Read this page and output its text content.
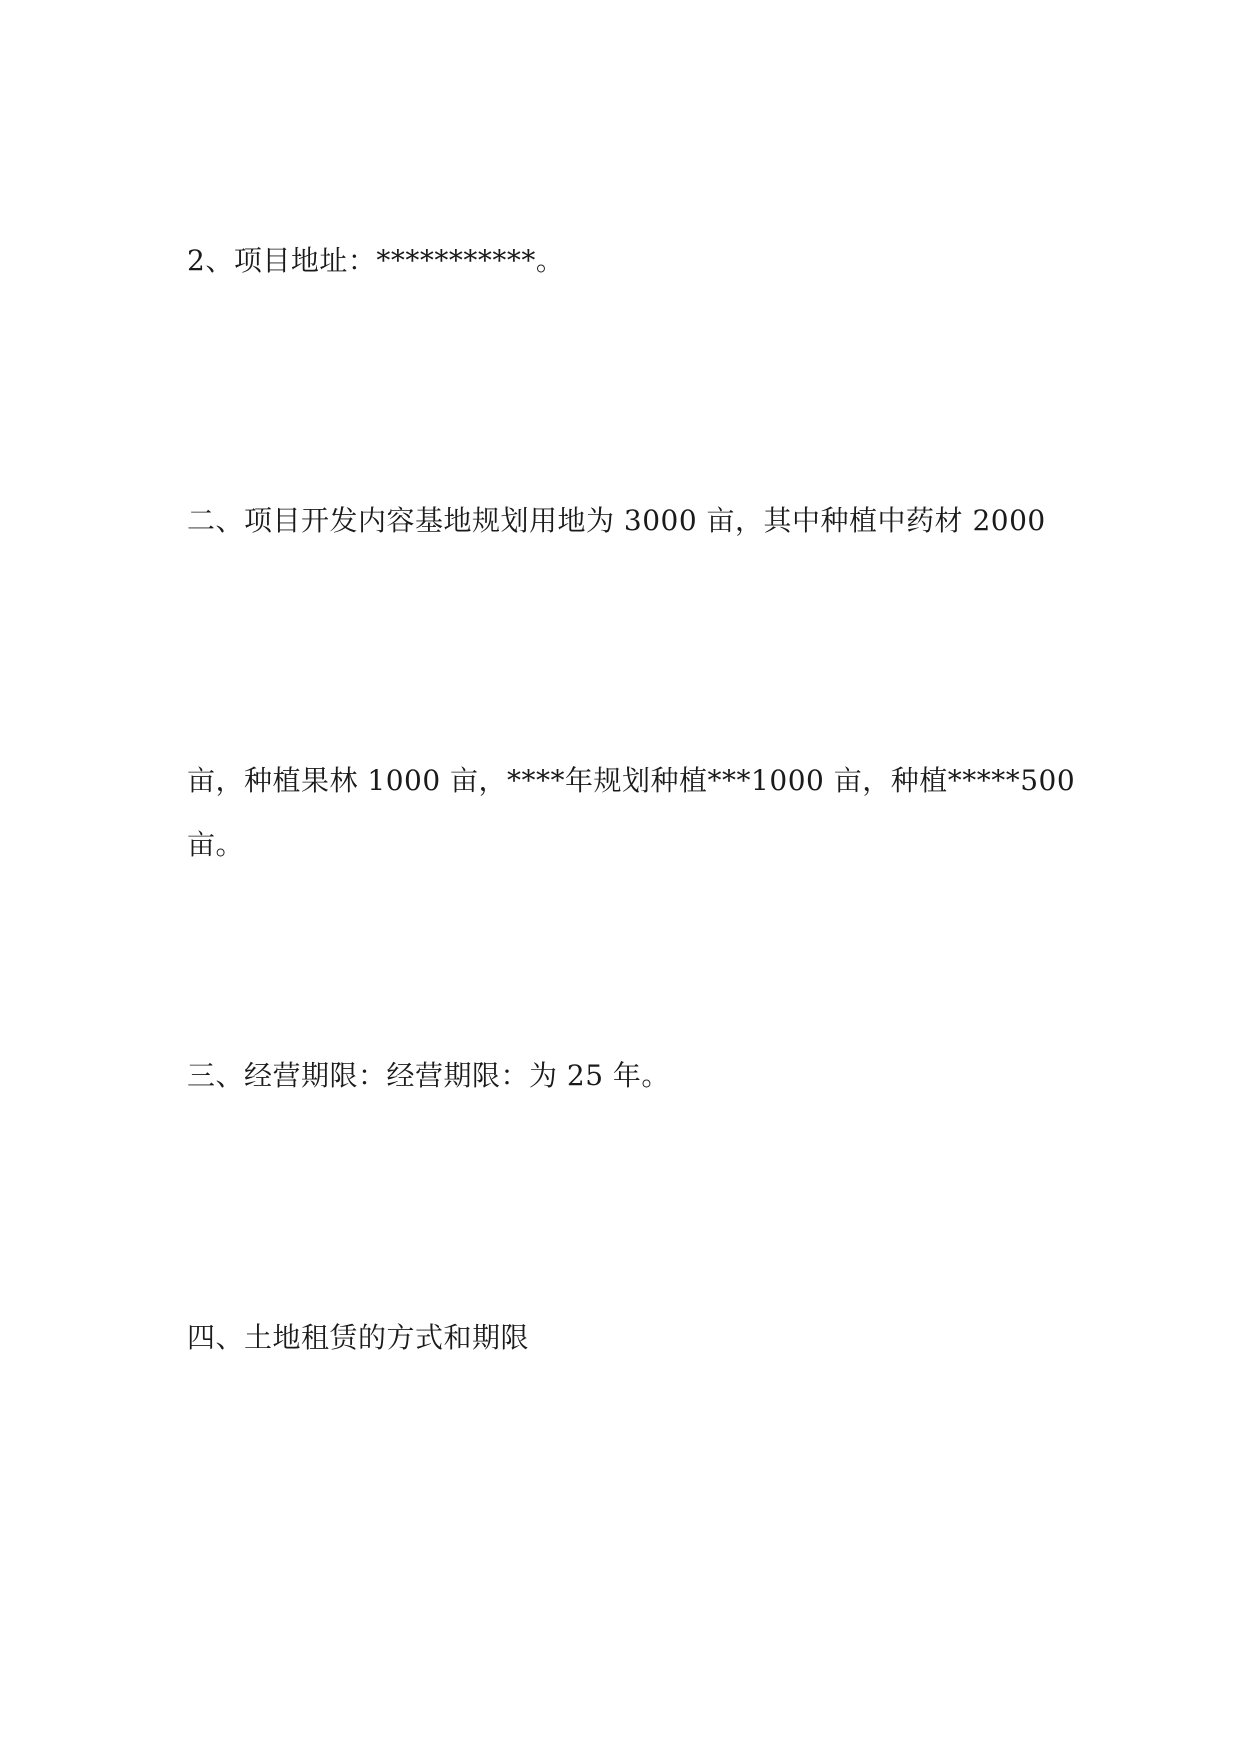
2、项目地址：***********。
二、项目开发内容基地规划用地为 3000 亩，其中种植中药材 2000
亩，种植果林 1000 亩，****年规划种植***1000 亩，种植*****500
亩。
三、经营期限：经营期限：为 25 年。
四、土地租赁的方式和期限
